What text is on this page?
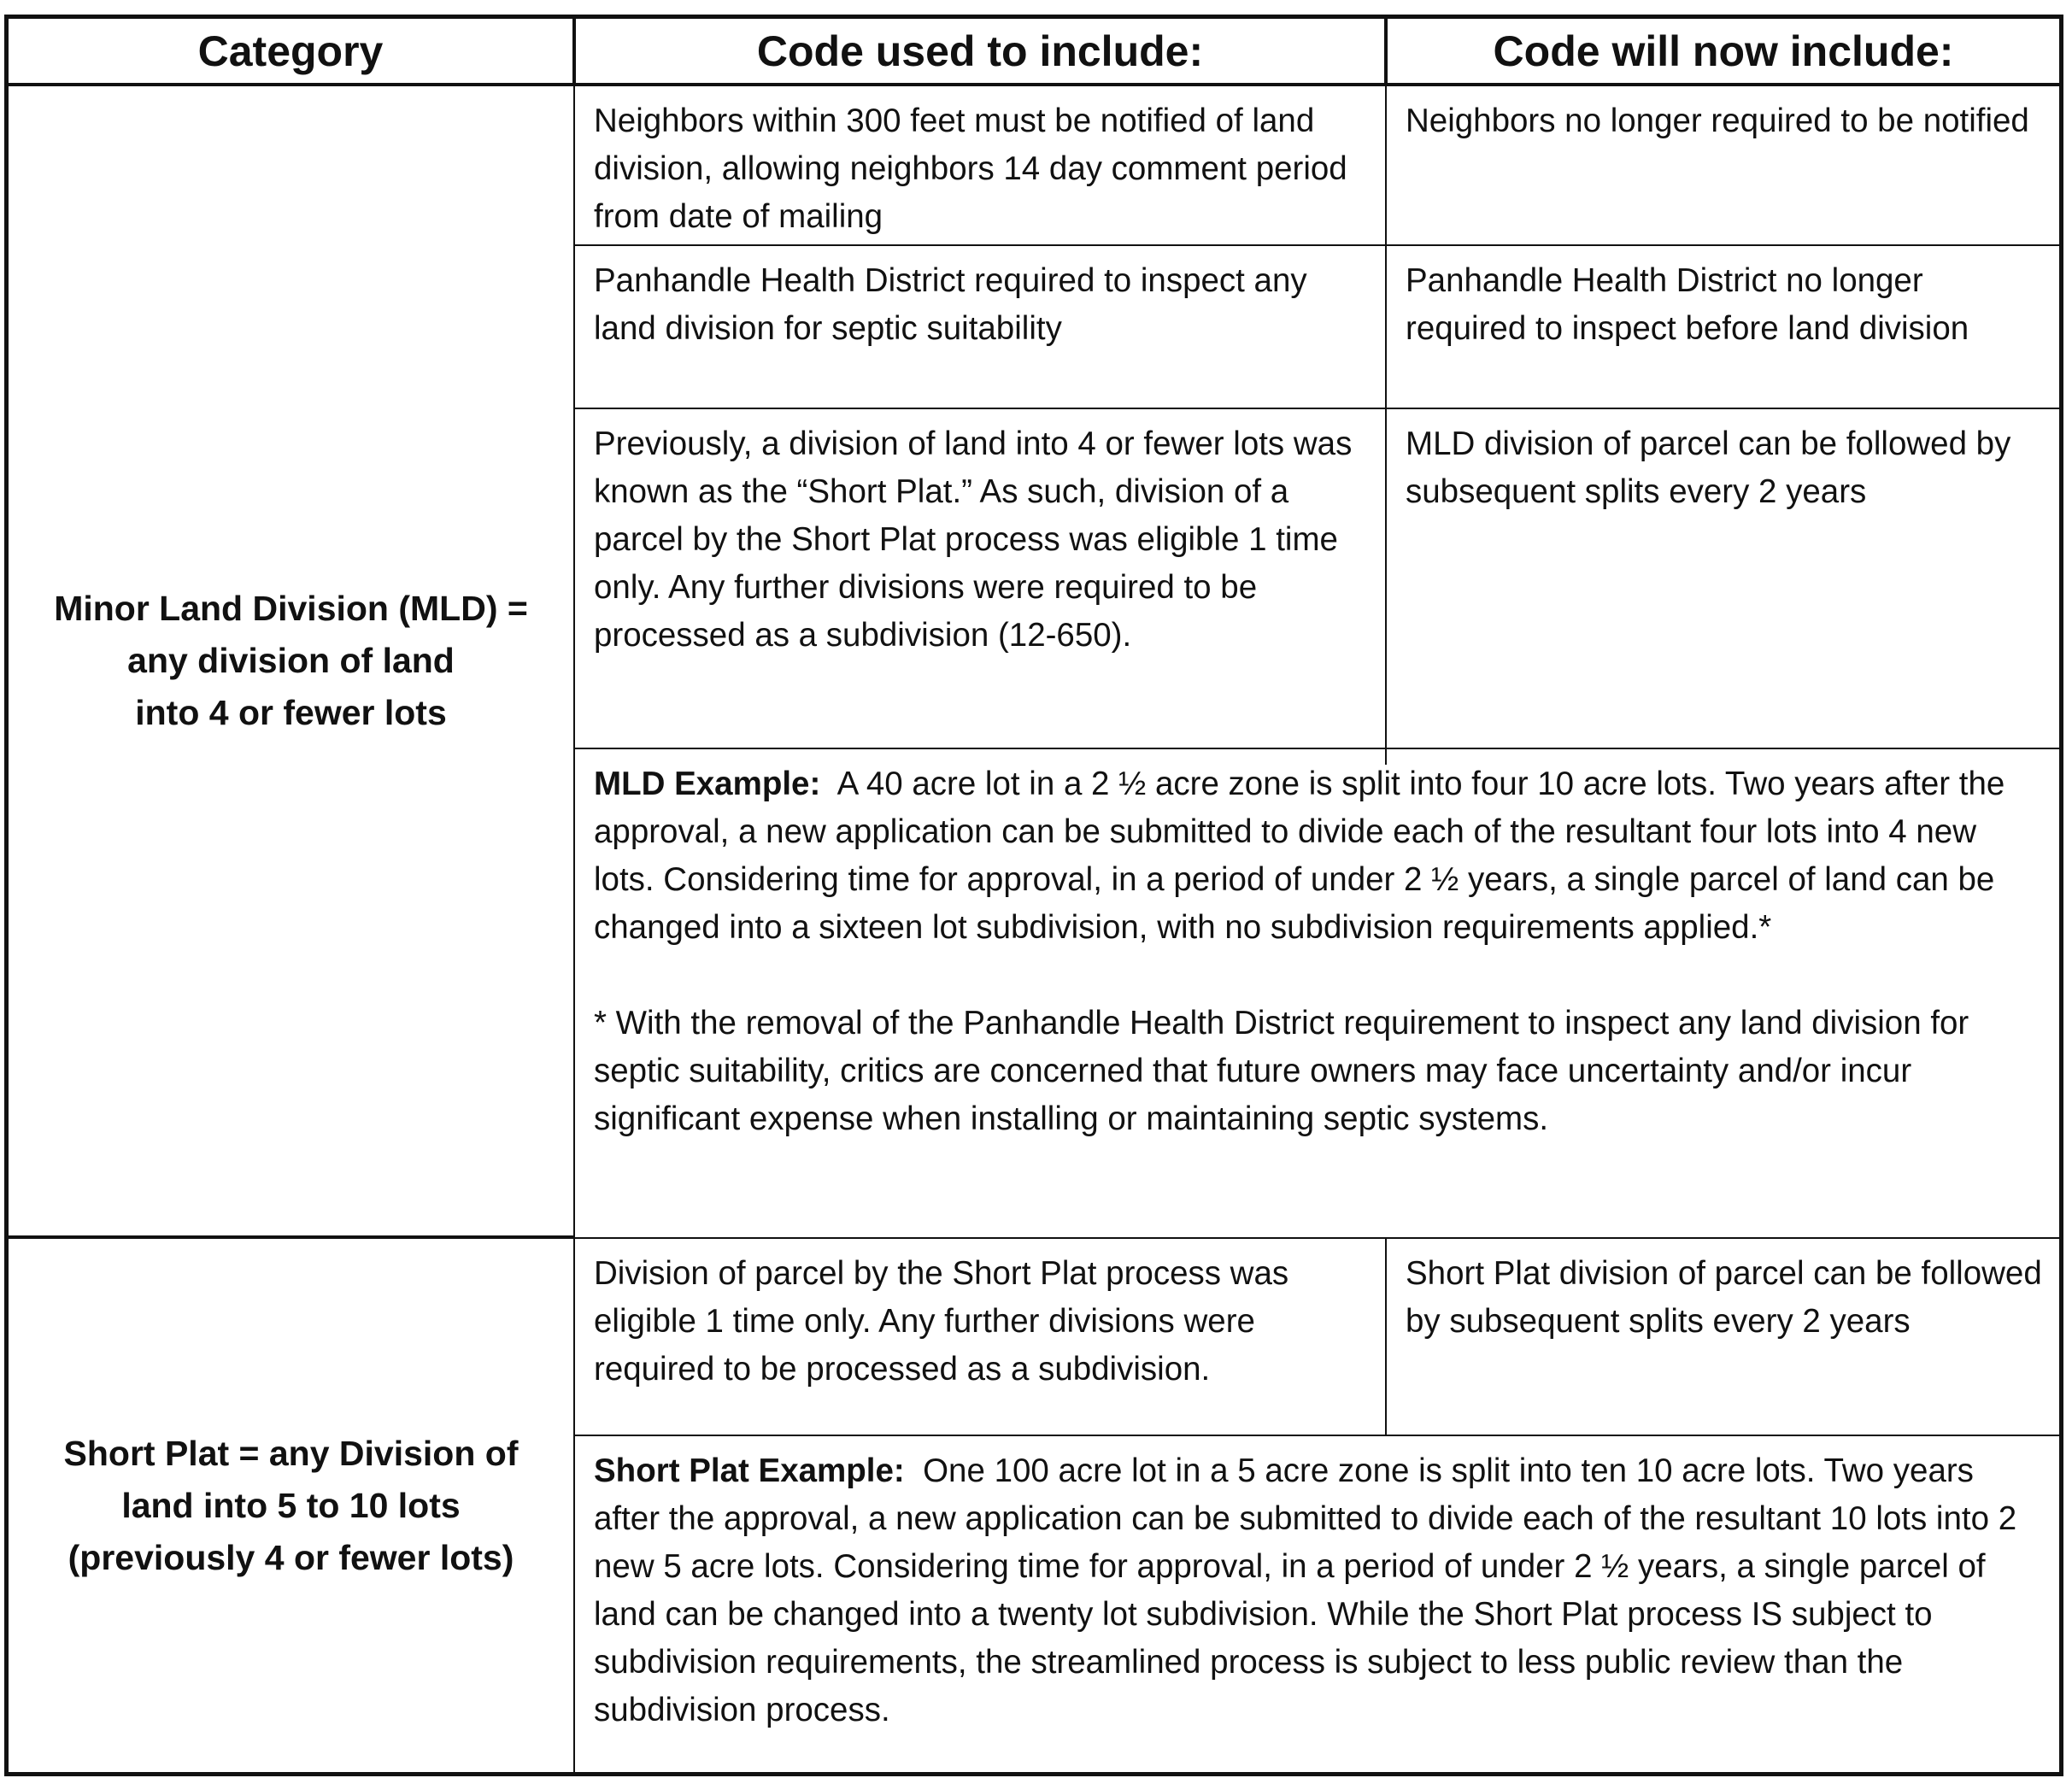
Category	Code used to include:	Code will now include:
Minor Land Division (MLD) =
any division of land
into 4 or fewer lots
Neighbors within 300 feet must be notified of land division, allowing neighbors 14 day comment period from date of mailing
Neighbors no longer required to be notified
Panhandle Health District required to inspect any land division for septic suitability
Panhandle Health District no longer required to inspect before land division
Previously, a division of land into 4 or fewer lots was known as the “Short Plat.” As such, division of a parcel by the Short Plat process was eligible 1 time only. Any further divisions were required to be processed as a subdivision (12-650).
MLD division of parcel can be followed by subsequent splits every 2 years
MLD Example: A 40 acre lot in a 2 ½ acre zone is split into four 10 acre lots. Two years after the approval, a new application can be submitted to divide each of the resultant four lots into 4 new lots. Considering time for approval, in a period of under 2 ½ years, a single parcel of land can be changed into a sixteen lot subdivision, with no subdivision requirements applied.*
* With the removal of the Panhandle Health District requirement to inspect any land division for septic suitability, critics are concerned that future owners may face uncertainty and/or incur significant expense when installing or maintaining septic systems.
Short Plat = any Division of
land into 5 to 10 lots
(previously 4 or fewer lots)
Division of parcel by the Short Plat process was eligible 1 time only. Any further divisions were required to be processed as a subdivision.
Short Plat division of parcel can be followed by subsequent splits every 2 years
Short Plat Example: One 100 acre lot in a 5 acre zone is split into ten 10 acre lots. Two years after the approval, a new application can be submitted to divide each of the resultant 10 lots into 2 new 5 acre lots. Considering time for approval, in a period of under 2 ½ years, a single parcel of land can be changed into a twenty lot subdivision. While the Short Plat process IS subject to subdivision requirements, the streamlined process is subject to less public review than the subdivision process.
